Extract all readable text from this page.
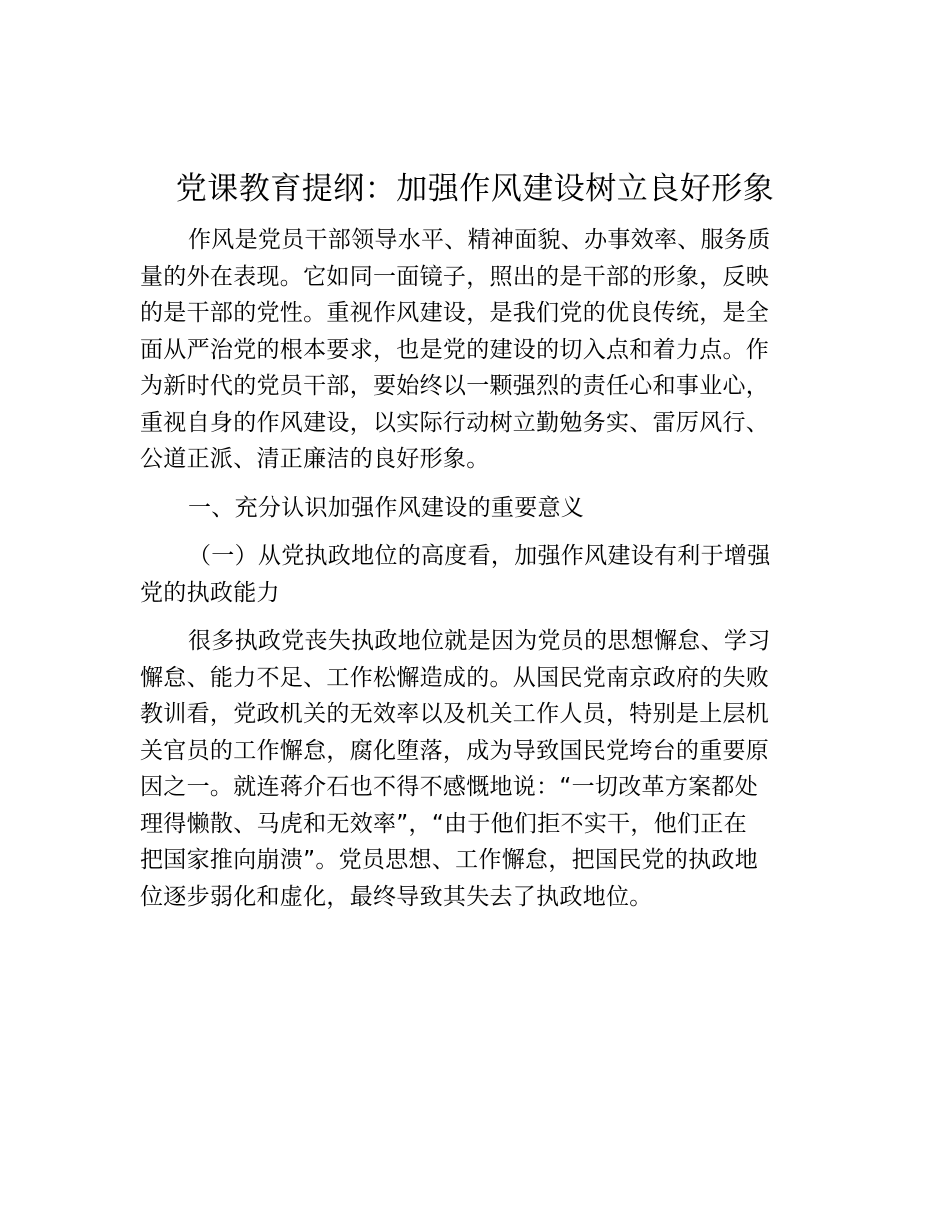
党课教育提纲：加强作风建设树立良好形象

作风是党员干部领导水平、精神面貌、办事效率、服务质
量的外在表现。它如同一面镜子，照出的是干部的形象，反映
的是干部的党性。重视作风建设，是我们党的优良传统，是全
面从严治党的根本要求，也是党的建设的切入点和着力点。作
为新时代的党员干部，要始终以一颗强烈的责任心和事业心，
重视自身的作风建设，以实际行动树立勤勉务实、雷厉风行、
公道正派、清正廉洁的良好形象。

一、充分认识加强作风建设的重要意义

（一）从党执政地位的高度看，加强作风建设有利于增强
党的执政能力

很多执政党丧失执政地位就是因为党员的思想懈怠、学习
懈怠、能力不足、工作松懈造成的。从国民党南京政府的失败
教训看，党政机关的无效率以及机关工作人员，特别是上层机
关官员的工作懈怠，腐化堕落，成为导致国民党垮台的重要原
因之一。就连蒋介石也不得不感慨地说：“一切改革方案都处
理得懒散、马虎和无效率”，“由于他们拒不实干，他们正在
把国家推向崩溃”。党员思想、工作懈怠，把国民党的执政地
位逐步弱化和虚化，最终导致其失去了执政地位。
